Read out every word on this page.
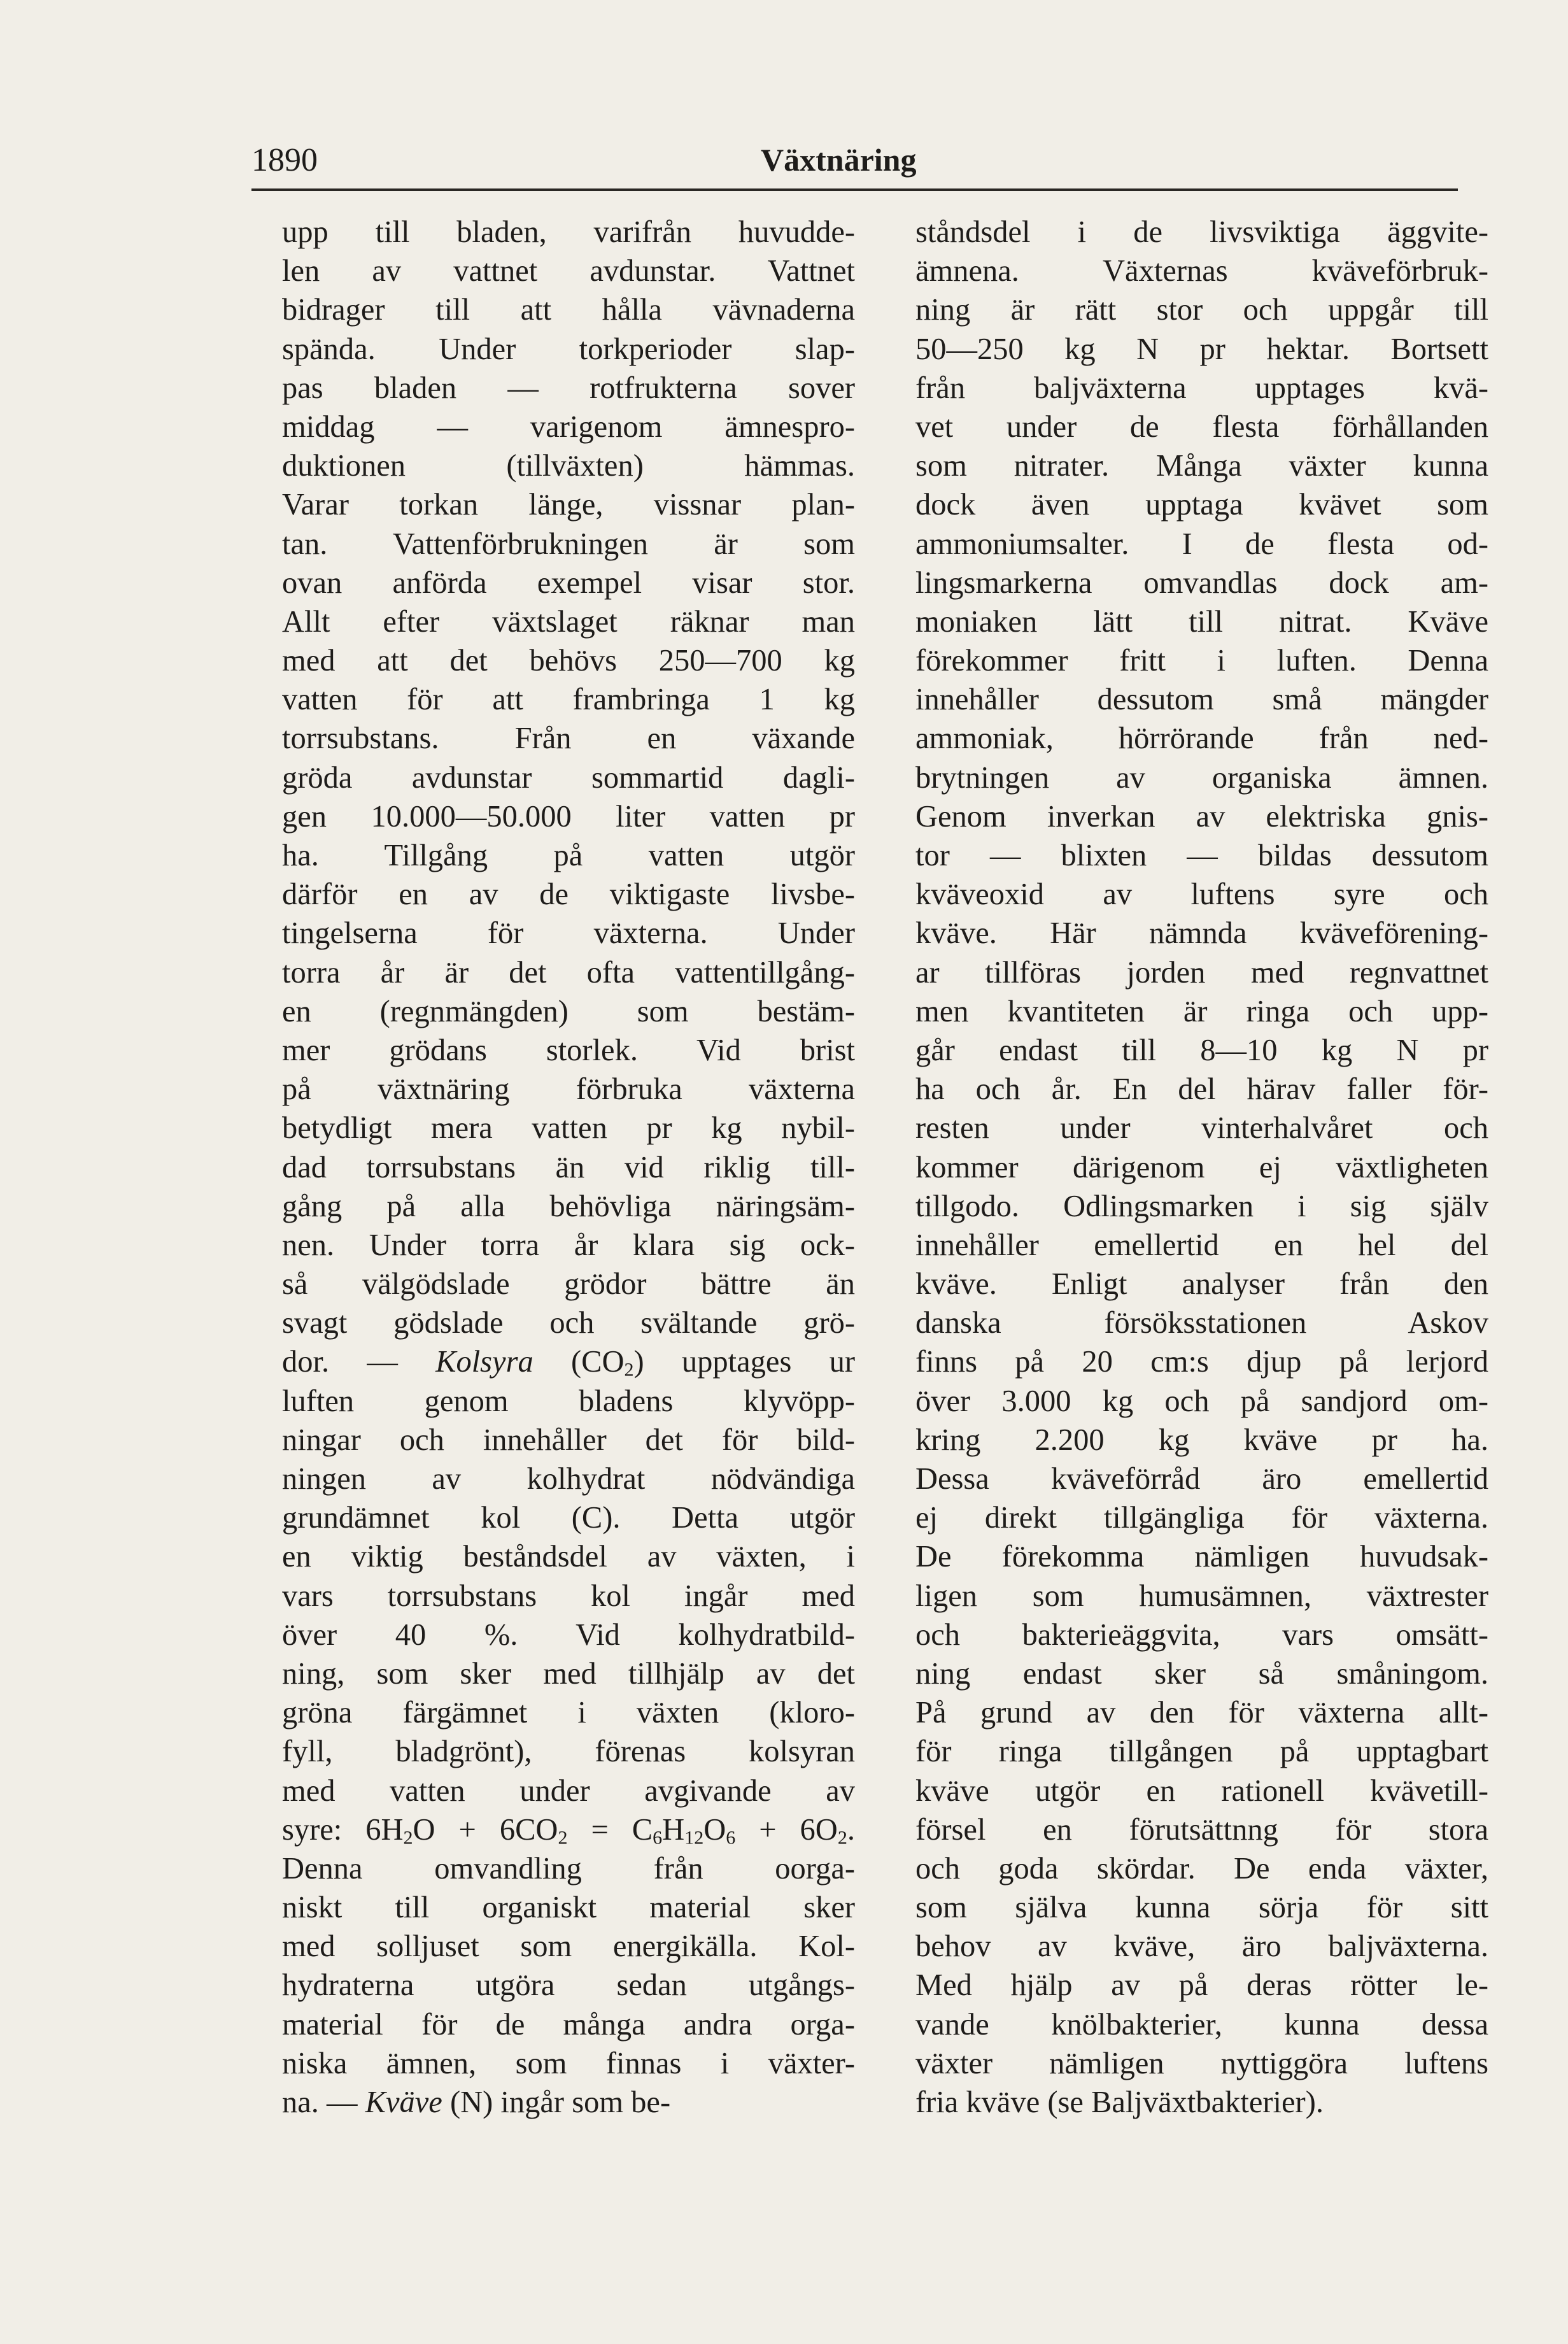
1890	Växtnäring
upp till bladen, varifrån huvudde-
len av vattnet avdunstar. Vattnet
bidrager till att hålla vävnaderna
spända. Under torkperioder slap-
pas bladen — rotfrukterna sover
middag — varigenom ämnespro-
duktionen (tillväxten) hämmas.
Varar torkan länge, vissnar plan-
tan. Vattenförbrukningen är som
ovan anförda exempel visar stor.
Allt efter växtslaget räknar man
med att det behövs 250—700 kg
vatten för att frambringa 1 kg
torrsubstans. Från en växande
gröda avdunstar sommartid dagli-
gen 10.000—50.000 liter vatten pr
ha. Tillgång på vatten utgör
därför en av de viktigaste livsbe-
tingelserna för växterna. Under
torra år är det ofta vattentillgång-
en (regnmängden) som bestäm-
mer grödans storlek. Vid brist
på växtnäring förbruka växterna
betydligt mera vatten pr kg nybil-
dad torrsubstans än vid riklig till-
gång på alla behövliga näringsäm-
nen. Under torra år klara sig ock-
så välgödslade grödor bättre än
svagt gödslade och svältande grö-
dor. — Kolsyra $(CO_2)$ upptages ur
luften genom bladens klyvöpp-
ningar och innehåller det för bild-
ningen av kolhydrat nödvändiga
grundämnet kol (C). Detta utgör
en viktig beståndsdel av växten, i
vars torrsubstans kol ingår med
över 40 %. Vid kolhydratbild-
ning, som sker med tillhjälp av det
gröna färgämnet i växten (kloro-
fyll, bladgrönt), förenas kolsyran
med vatten under avgivande av
syre: $6H_2O + 6CO_2 = C_6H_{12}O_6 + 6O_2$.
Denna omvandling från oorga-
niskt till organiskt material sker
med solljuset som energikälla. Kol-
hydraterna utgöra sedan utgångs-
material för de många andra orga-
niska ämnen, som finnas i växter-
na. — Kväve (N) ingår som be-
ståndsdel i de livsviktiga äggvite-
ämnena. Växternas kväveförbruk-
ning är rätt stor och uppgår till
50—250 kg N pr hektar. Bortsett
från baljväxterna upptages kvä-
vet under de flesta förhållanden
som nitrater. Många växter kunna
dock även upptaga kvävet som
ammoniumsalter. I de flesta od-
lingsmarkerna omvandlas dock am-
moniaken lätt till nitrat. Kväve
förekommer fritt i luften. Denna
innehåller dessutom små mängder
ammoniak, hörrörande från ned-
brytningen av organiska ämnen.
Genom inverkan av elektriska gnis-
tor — blixten — bildas dessutom
kväveoxid av luftens syre och
kväve. Här nämnda kväveförening-
ar tillföras jorden med regnvattnet
men kvantiteten är ringa och upp-
går endast till 8—10 kg N pr
ha och år. En del härav faller för-
resten under vinterhalvåret och
kommer därigenom ej växtligheten
tillgodo. Odlingsmarken i sig själv
innehåller emellertid en hel del
kväve. Enligt analyser från den
danska försöksstationen Askov
finns på 20 cm:s djup på lerjord
över 3.000 kg och på sandjord om-
kring 2.200 kg kväve pr ha.
Dessa kväveförråd äro emellertid
ej direkt tillgängliga för växterna.
De förekomma nämligen huvudsak-
ligen som humusämnen, växtrester
och bakterieäggvita, vars omsätt-
ning endast sker så småningom.
På grund av den för växterna allt-
för ringa tillgången på upptagbart
kväve utgör en rationell kvävetill-
försel en förutsättnng för stora
och goda skördar. De enda växter,
som själva kunna sörja för sitt
behov av kväve, äro baljväxterna.
Med hjälp av på deras rötter le-
vande knölbakterier, kunna dessa
växter nämligen nyttiggöra luftens
fria kväve (se Baljväxtbakterier).
